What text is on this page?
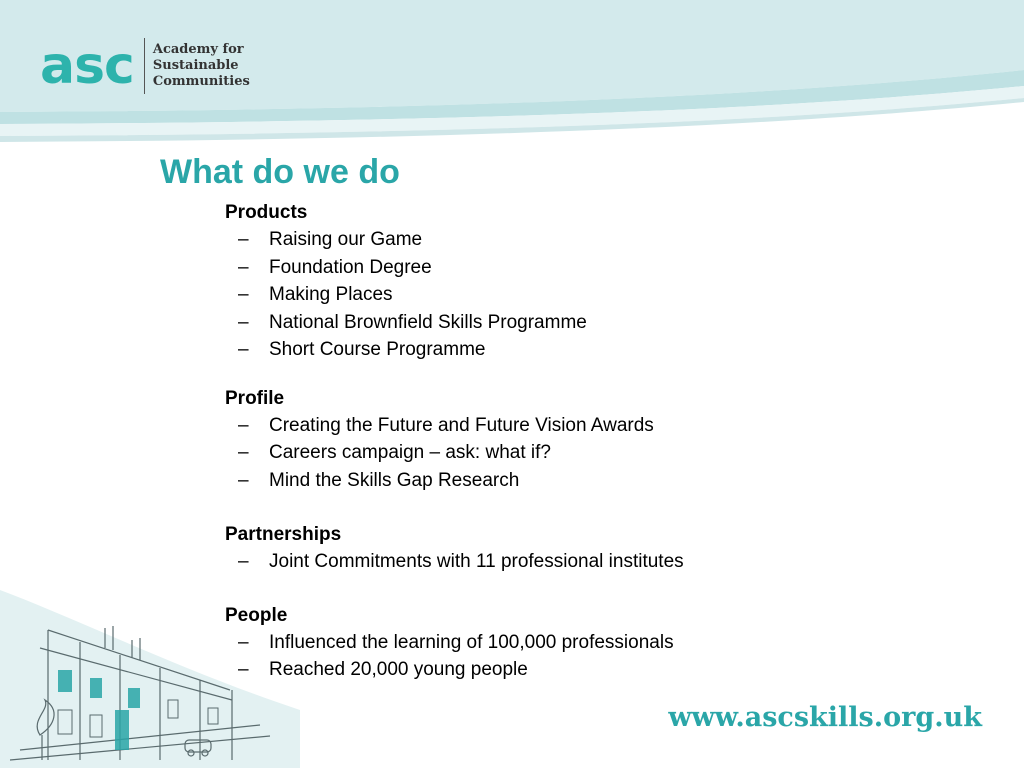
asc Academy for
Sustainable
Communities
What do we do
Products
–	Raising our Game
–	Foundation Degree
–	Making Places
–	National Brownfield Skills Programme
–	Short Course Programme
Profile
–	Creating the Future and Future Vision Awards
–	Careers campaign – ask: what if?
–	Mind the Skills Gap Research
Partnerships
–	Joint Commitments with 11 professional institutes
People
–	Influenced the learning of 100,000 professionals
–	Reached 20,000 young people
www.ascskills.org.uk
